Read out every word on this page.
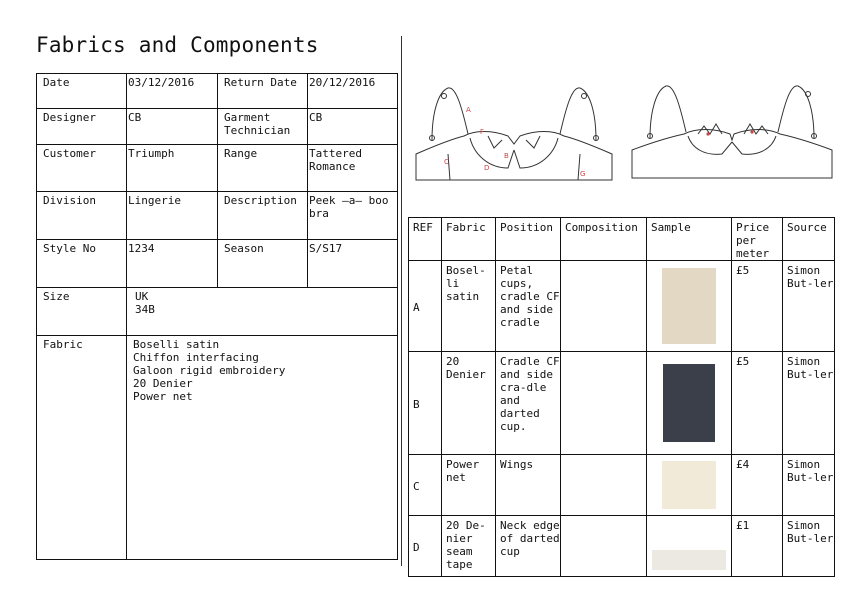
Fabrics and Components
Date	03/12/2016	Return Date	20/12/2016
Designer	CB	Garment Technician	CB
Customer	Triumph	Range	Tattered Romance
Division	Lingerie	Description	Peek —a— boo bra
Style No	1234	Season	S/S17
Size	UK
34B		

Fabric	Boselli satin
Chiffon interfacing
Galoon rigid embroidery
20 Denier
Power net		
A
B
C
D
F
G
REF	Fabric	Position	Composition	Sample	Price per meter	Source
A	Bosel-li satin	Petal cups, cradle CF and side cradle			£5	Simon But-ler
B	20 Denier	Cradle CF and side cra-dle and darted cup.			£5	Simon But-ler
C	Power net	Wings			£4	Simon But-ler
D	20 De-nier seam tape	Neck edge of darted cup			£1	Simon But-ler
